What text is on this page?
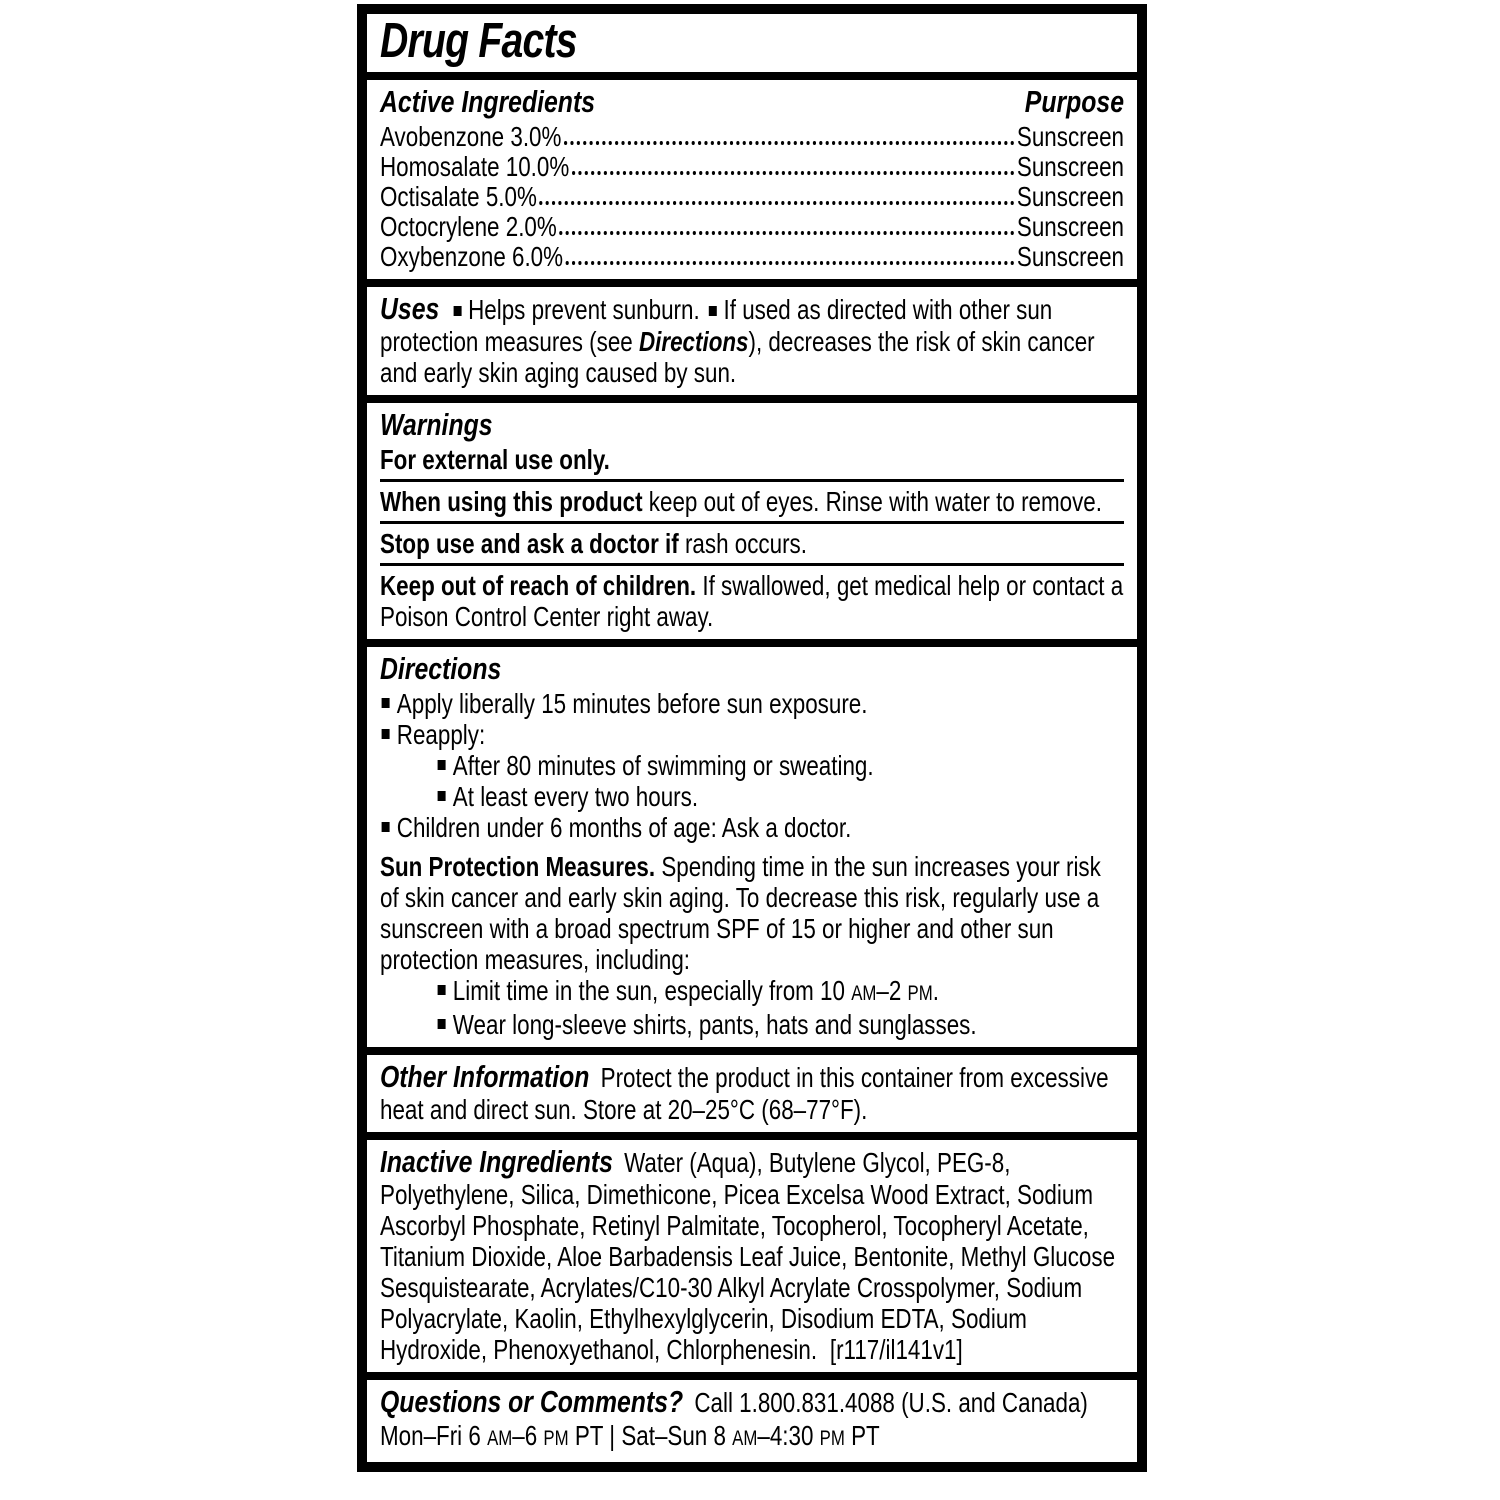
Drug Facts
Active Ingredients	Purpose
Avobenzone 3.0%	Sunscreen
Homosalate 10.0%	Sunscreen
Octisalate 5.0%	Sunscreen
Octocrylene 2.0%	Sunscreen
Oxybenzone 6.0%	Sunscreen

Uses Helps prevent sunburn. If used as directed with other sun protection measures (see Directions), decreases the risk of skin cancer and early skin aging caused by sun.

Warnings

For external use only.

When using this product keep out of eyes. Rinse with water to remove.

Stop use and ask a doctor if rash occurs.

Keep out of reach of children. If swallowed, get medical help or contact a Poison Control Center right away.

Directions
Apply liberally 15 minutes before sun exposure.
Reapply:
After 80 minutes of swimming or sweating.
At least every two hours.
Children under 6 months of age: Ask a doctor.

Sun Protection Measures. Spending time in the sun increases your risk of skin cancer and early skin aging. To decrease this risk, regularly use a sunscreen with a broad spectrum SPF of 15 or higher and other sun protection measures, including:

Limit time in the sun, especially from 10 AM–2 PM.
Wear long-sleeve shirts, pants, hats and sunglasses.

Other Information Protect the product in this container from excessive heat and direct sun. Store at 20–25°C (68–77°F).

Inactive Ingredients Water (Aqua), Butylene Glycol, PEG-8, Polyethylene, Silica, Dimethicone, Picea Excelsa Wood Extract, Sodium Ascorbyl Phosphate, Retinyl Palmitate, Tocopherol, Tocopheryl Acetate, Titanium Dioxide, Aloe Barbadensis Leaf Juice, Bentonite, Methyl Glucose Sesquistearate, Acrylates/C10-30 Alkyl Acrylate Crosspolymer, Sodium Polyacrylate, Kaolin, Ethylhexylglycerin, Disodium EDTA, Sodium Hydroxide, Phenoxyethanol, Chlorphenesin. [r117/il141v1]

Questions or Comments? Call 1.800.831.4088 (U.S. and Canada)

Mon–Fri 6 AM–6 PM PT | Sat–Sun 8 AM–4:30 PM PT
